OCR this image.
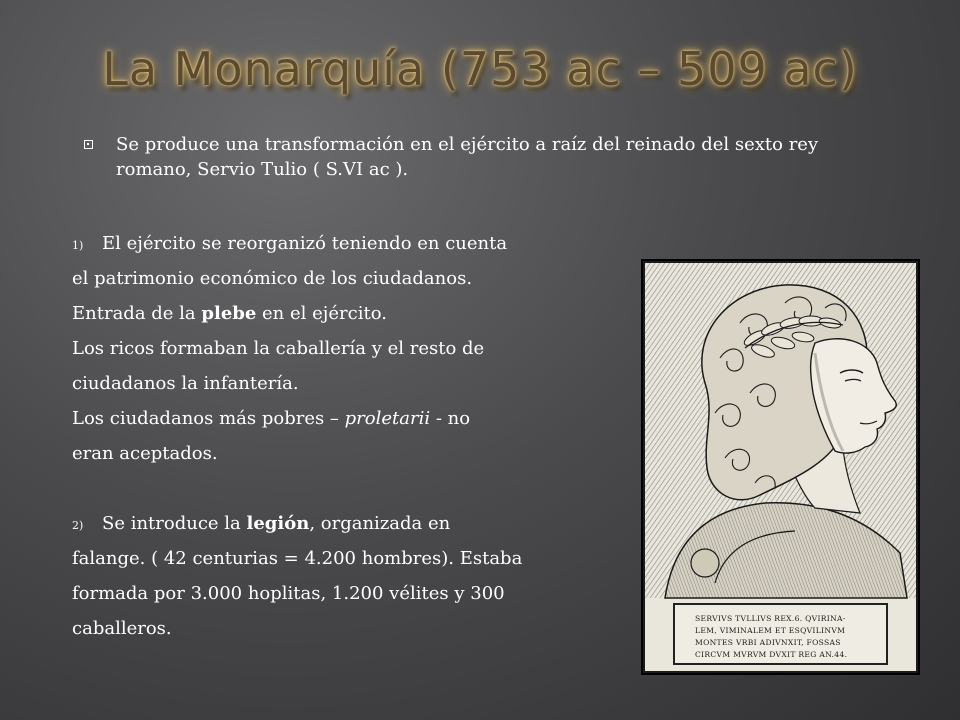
La Monarquía (753 ac – 509 ac)
Se produce una transformación en el ejército a raíz del reinado del sexto rey romano, Servio Tulio ( S.VI ac ).
1) El ejército se reorganizó teniendo en cuenta
el patrimonio económico de los ciudadanos.
Entrada de la plebe en el ejército.
Los ricos formaban la caballería y el resto de
ciudadanos la infantería.
Los ciudadanos más pobres – proletarii - no
eran aceptados.
2) Se introduce la legión, organizada en
falange. ( 42 centurias = 4.200 hombres). Estaba
formada por 3.000 hoplitas, 1.200 vélites y 300
caballeros.	SERVIVS TVLLIVS REX.6. QVIRINA-
LEM, VIMINALEM ET ESQVILINVM
MONTES VRBI ADIVNXIT, FOSSAS
CIRCVM MVRVM DVXIT REG AN.44.
